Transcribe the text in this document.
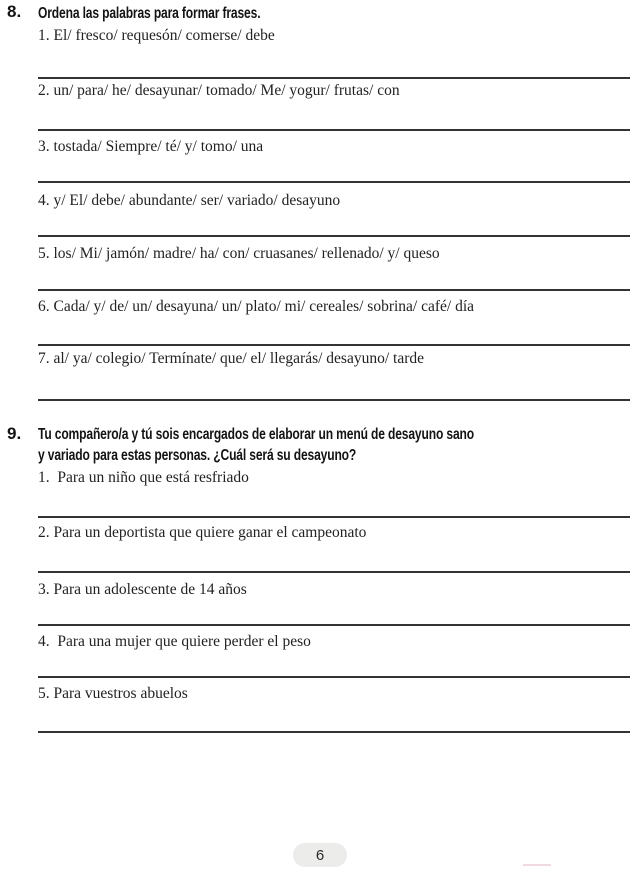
8. Ordena las palabras para formar frases.

1. El/ fresco/ requesón/ comerse/ debe

2. un/ para/ he/ desayunar/ tomado/ Me/ yogur/ frutas/ con

3. tostada/ Siempre/ té/ y/ tomo/ una

4. y/ El/ debe/ abundante/ ser/ variado/ desayuno

5. los/ Mi/ jamón/ madre/ ha/ con/ cruasanes/ rellenado/ y/ queso

6. Cada/ y/ de/ un/ desayuna/ un/ plato/ mi/ cereales/ sobrina/ café/ día

7. al/ ya/ colegio/ Termínate/ que/ el/ llegarás/ desayuno/ tarde

9. Tu compañero/a y tú sois encargados de elaborar un menú de desayuno sano
y variado para estas personas. ¿Cuál será su desayuno?

1.  Para un niño que está resfriado

2. Para un deportista que quiere ganar el campeonato

3. Para un adolescente de 14 años

4.  Para una mujer que quiere perder el peso

5. Para vuestros abuelos

6
